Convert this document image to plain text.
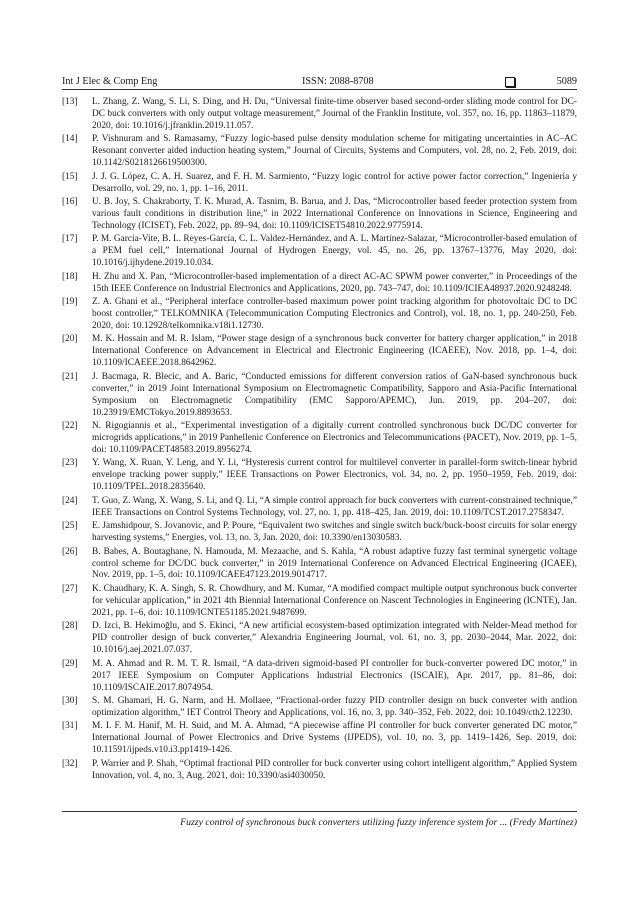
Int J Elec & Comp Eng	ISSN: 2088-8708	5089
[13]	L. Zhang, Z. Wang, S. Li, S. Ding, and H. Du, “Universal finite-time observer based second-order sliding mode control for DC-DC buck converters with only output voltage measurement,” Journal of the Franklin Institute, vol. 357, no. 16, pp. 11863–11879, 2020, doi: 10.1016/j.jfranklin.2019.11.057.
[14]	P. Vishnuram and S. Ramasamy, “Fuzzy logic-based pulse density modulation scheme for mitigating uncertainties in AC–AC Resonant converter aided induction heating system,” Journal of Circuits, Systems and Computers, vol. 28, no. 2, Feb. 2019, doi: 10.1142/S0218126619500300.
[15]	J. J. G. López, C. A. H. Suarez, and F. H. M. Sarmiento, “Fuzzy logic control for active power factor correction,” Ingeniería y Desarrollo, vol. 29, no. 1, pp. 1–16, 2011.
[16]	U. B. Joy, S. Chakraborty, T. K. Murad, A. Tasnim, B. Barua, and J. Das, “Microcontroller based feeder protection system from various fault conditions in distribution line,” in 2022 International Conference on Innovations in Science, Engineering and Technology (ICISET), Feb. 2022, pp. 89–94, doi: 10.1109/ICISET54810.2022.9775914.
[17]	P. M. García-Vite, B. L. Reyes-García, C. L. Valdez-Hernández, and A. L. Martínez-Salazar, “Microcontroller-based emulation of a PEM fuel cell,” International Journal of Hydrogen Energy, vol. 45, no. 26, pp. 13767–13776, May 2020, doi: 10.1016/j.ijhydene.2019.10.034.
[18]	H. Zhu and X. Pan, “Microcontroller-based implementation of a direct AC-AC SPWM power converter,” in Proceedings of the 15th IEEE Conference on Industrial Electronics and Applications, 2020, pp. 743–747, doi: 10.1109/ICIEA48937.2020.9248248.
[19]	Z. A. Ghani et al., “Peripheral interface controller-based maximum power point tracking algorithm for photovoltaic DC to DC boost controller,” TELKOMNIKA (Telecommunication Computing Electronics and Control), vol. 18, no. 1, pp. 240-250, Feb. 2020, doi: 10.12928/telkomnika.v18i1.12730.
[20]	M. K. Hossain and M. R. Islam, “Power stage design of a synchronous buck converter for battery charger application,” in 2018 International Conference on Advancement in Electrical and Electronic Engineering (ICAEEE), Nov. 2018, pp. 1–4, doi: 10.1109/ICAEEE.2018.8642962.
[21]	J. Bacmaga, R. Blecic, and A. Baric, “Conducted emissions for different conversion ratios of GaN-based synchronous buck converter,” in 2019 Joint International Symposium on Electromagnetic Compatibility, Sapporo and Asia-Pacific International Symposium on Electromagnetic Compatibility (EMC Sapporo/APEMC), Jun. 2019, pp. 204–207, doi: 10.23919/EMCTokyo.2019.8893653.
[22]	N. Rigogiannis et al., “Experimental investigation of a digitally current controlled synchronous buck DC/DC converter for microgrids applications,” in 2019 Panhellenic Conference on Electronics and Telecommunications (PACET), Nov. 2019, pp. 1–5, doi: 10.1109/PACET48583.2019.8956274.
[23]	Y. Wang, X. Ruan, Y. Leng, and Y. Li, “Hysteresis current control for multilevel converter in parallel-form switch-linear hybrid envelope tracking power supply,” IEEE Transactions on Power Electronics, vol. 34, no. 2, pp. 1950–1959, Feb. 2019, doi: 10.1109/TPEL.2018.2835640.
[24]	T. Guo, Z. Wang, X. Wang, S. Li, and Q. Li, “A simple control approach for buck converters with current-constrained technique,” IEEE Transactions on Control Systems Technology, vol. 27, no. 1, pp. 418–425, Jan. 2019, doi: 10.1109/TCST.2017.2758347.
[25]	E. Jamshidpour, S. Jovanovic, and P. Poure, “Equivalent two switches and single switch buck/buck-boost circuits for solar energy harvesting systems,” Energies, vol. 13, no. 3, Jan. 2020, doi: 10.3390/en13030583.
[26]	B. Babes, A. Boutaghane, N. Hamouda, M. Mezaache, and S. Kahla, “A robust adaptive fuzzy fast terminal synergetic voltage control scheme for DC/DC buck converter,” in 2019 International Conference on Advanced Electrical Engineering (ICAEE), Nov. 2019, pp. 1–5, doi: 10.1109/ICAEE47123.2019.9014717.
[27]	K. Chaudhary, K. A. Singh, S. R. Chowdhury, and M. Kumar, “A modified compact multiple output synchronous buck converter for vehicular application,” in 2021 4th Biennial International Conference on Nascent Technologies in Engineering (ICNTE), Jan. 2021, pp. 1–6, doi: 10.1109/ICNTE51185.2021.9487699.
[28]	D. Izci, B. Hekimoğlu, and S. Ekinci, “A new artificial ecosystem-based optimization integrated with Nelder-Mead method for PID controller design of buck converter,” Alexandria Engineering Journal, vol. 61, no. 3, pp. 2030–2044, Mar. 2022, doi: 10.1016/j.aej.2021.07.037.
[29]	M. A. Ahmad and R. M. T. R. Ismail, “A data-driven sigmoid-based PI controller for buck-converter powered DC motor,” in 2017 IEEE Symposium on Computer Applications Industrial Electronics (ISCAIE), Apr. 2017, pp. 81–86, doi: 10.1109/ISCAIE.2017.8074954.
[30]	S. M. Ghamari, H. G. Narm, and H. Mollaee, “Fractional-order fuzzy PID controller design on buck converter with antlion optimization algorithm,” IET Control Theory and Applications, vol. 16, no. 3, pp. 340–352, Feb. 2022, doi: 10.1049/cth2.12230.
[31]	M. I. F. M. Hanif, M. H. Suid, and M. A. Ahmad, “A piecewise affine PI controller for buck converter generated DC motor,” International Journal of Power Electronics and Drive Systems (IJPEDS), vol. 10, no. 3, pp. 1419–1426, Sep. 2019, doi: 10.11591/ijpeds.v10.i3.pp1419-1426.
[32]	P. Warrier and P. Shah, “Optimal fractional PID controller for buck converter using cohort intelligent algorithm,” Applied System Innovation, vol. 4, no. 3, Aug. 2021, doi: 10.3390/asi4030050.
Fuzzy control of synchronous buck converters utilizing fuzzy inference system for ... (Fredy Martínez)
